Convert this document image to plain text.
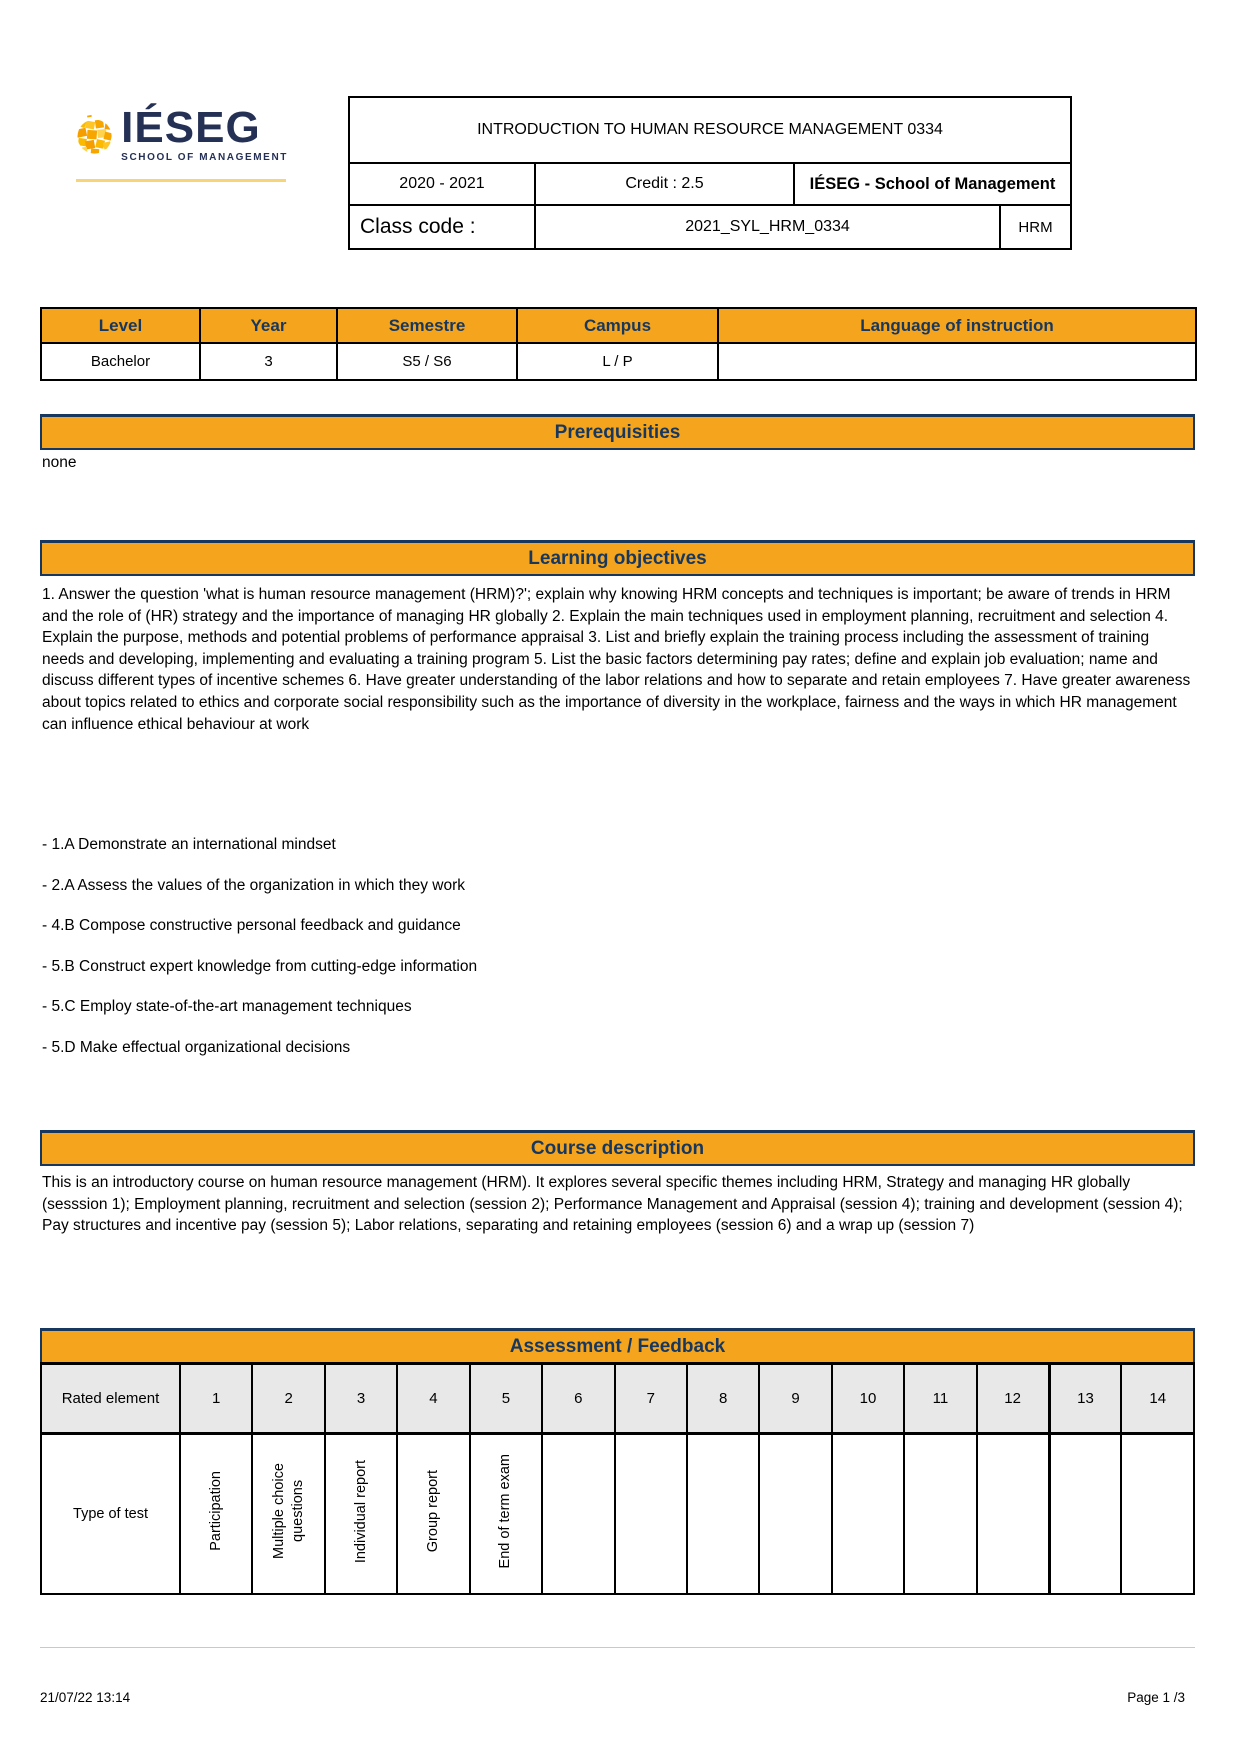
IÉSEG
SCHOOL OF MANAGEMENT
INTRODUCTION TO HUMAN RESOURCE MANAGEMENT 0334
2020 - 2021	Credit : 2.5	IÉSEG - School of Management
Class code :	2021_SYL_HRM_0334	HRM
Level	Year	Semestre	Campus	Language of instruction
Bachelor	3	S5 / S6	L / P	
Prerequisities
none
Learning objectives
1. Answer the question 'what is human resource management (HRM)?'; explain why knowing HRM concepts and techniques is important; be aware of trends in HRM and the role of (HR) strategy and the importance of managing HR globally 2. Explain the main techniques used in employment planning, recruitment and selection 4. Explain the purpose, methods and potential problems of performance appraisal 3. List and briefly explain the training process including the assessment of training needs and developing, implementing and evaluating a training program 5. List the basic factors determining pay rates; define and explain job evaluation; name and discuss different types of incentive schemes 6. Have greater understanding of the labor relations and how to separate and retain employees 7. Have greater awareness about topics related to ethics and corporate social responsibility such as the importance of diversity in the workplace, fairness and the ways in which HR management can influence ethical behaviour at work
- 1.A Demonstrate an international mindset
- 2.A Assess the values of the organization in which they work
- 4.B Compose constructive personal feedback and guidance
- 5.B Construct expert knowledge from cutting-edge information
- 5.C Employ state-of-the-art management techniques
- 5.D Make effectual organizational decisions
Course description
This is an introductory course on human resource management (HRM). It explores several specific themes including HRM, Strategy and managing HR globally (sesssion 1); Employment planning, recruitment and selection (session 2); Performance Management and Appraisal (session 4); training and development (session 4); Pay structures and incentive pay (session 5); Labor relations, separating and retaining employees (session 6) and a wrap up (session 7)
Assessment / Feedback
Rated element	1	2	3	4	5	6	7	8	9	10	11	12	13	14
Type of test	Participation	Multiple choice questions	Individual report	Group report	End of term exam									
21/07/22 13:14	Page 1 /3
